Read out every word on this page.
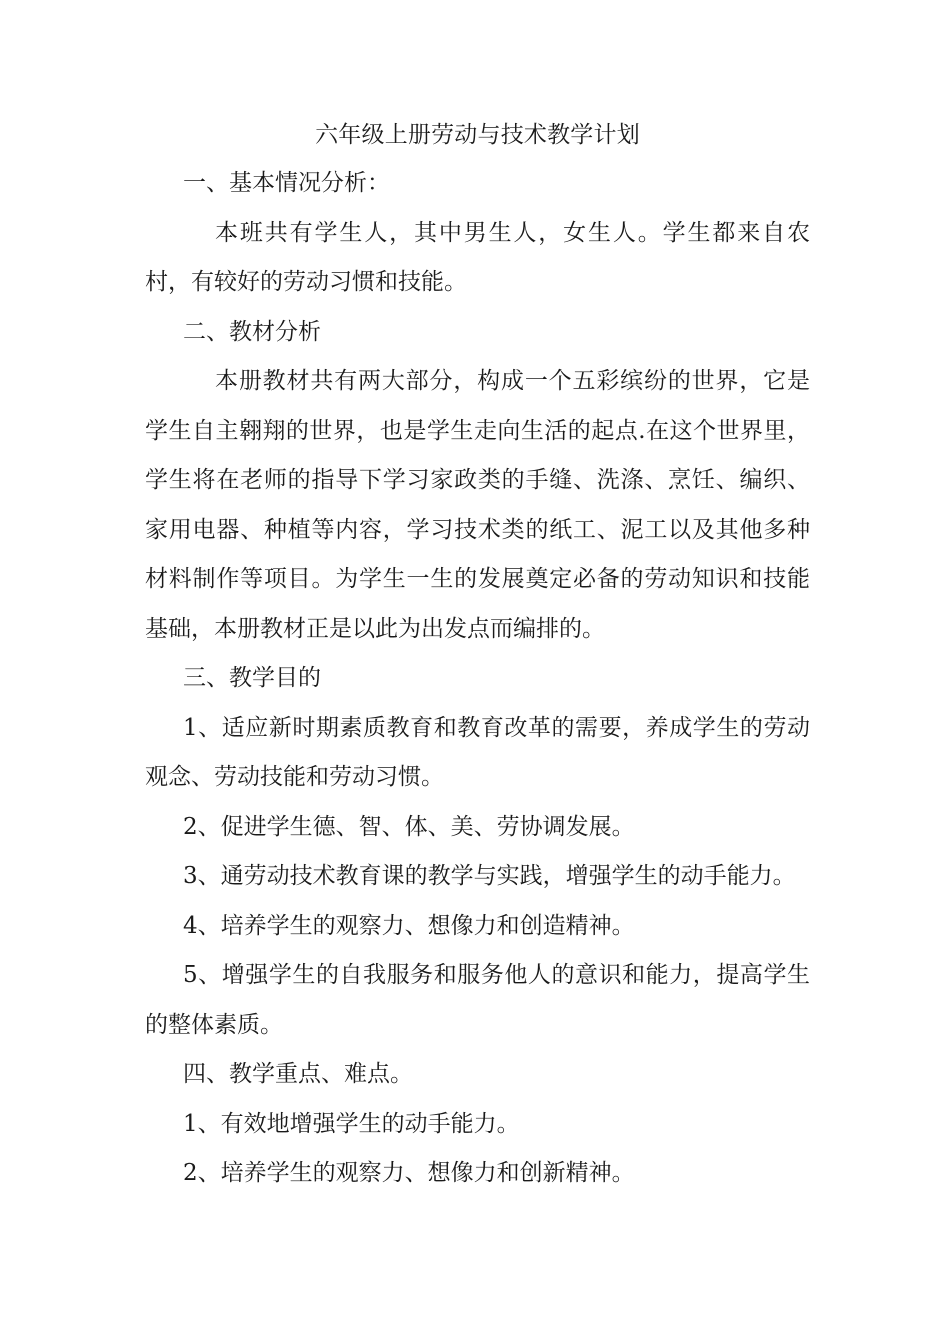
六年级上册劳动与技术教学计划

一、基本情况分析：

本班共有学生人，其中男生人，女生人。学生都来自农村，有较好的劳动习惯和技能。

二、教材分析

本册教材共有两大部分，构成一个五彩缤纷的世界，它是学生自主翱翔的世界，也是学生走向生活的起点.在这个世界里，学生将在老师的指导下学习家政类的手缝、洗涤、烹饪、编织、家用电器、种植等内容，学习技术类的纸工、泥工以及其他多种材料制作等项目。为学生一生的发展奠定必备的劳动知识和技能基础，本册教材正是以此为出发点而编排的。

三、教学目的

1、适应新时期素质教育和教育改革的需要，养成学生的劳动观念、劳动技能和劳动习惯。

2、促进学生德、智、体、美、劳协调发展。

3、通劳动技术教育课的教学与实践，增强学生的动手能力。

4、培养学生的观察力、想像力和创造精神。

5、增强学生的自我服务和服务他人的意识和能力，提高学生的整体素质。

四、教学重点、难点。

1、有效地增强学生的动手能力。

2、培养学生的观察力、想像力和创新精神。
